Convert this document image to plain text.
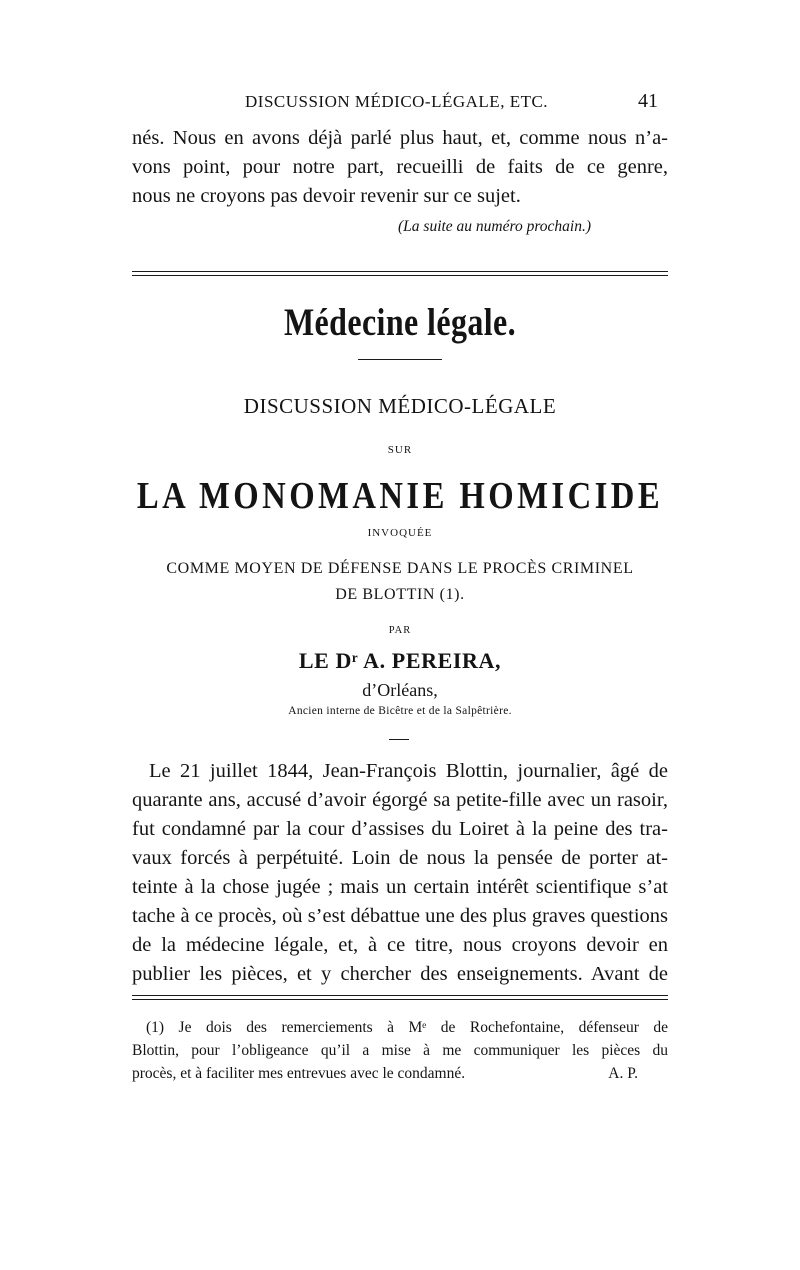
DISCUSSION MÉDICO-LÉGALE, ETC.	41
nés. Nous en avons déjà parlé plus haut, et, comme nous n’a-
vons point, pour notre part, recueilli de faits de ce genre,
nous ne croyons pas devoir revenir sur ce sujet.
(La suite au numéro prochain.)
Médecine légale.
DISCUSSION MÉDICO-LÉGALE
SUR
LA MONOMANIE HOMICIDE
INVOQUÉE
COMME MOYEN DE DÉFENSE DANS LE PROCÈS CRIMINEL
DE BLOTTIN (1).
PAR
LE Dʳ A. PEREIRA,
d’Orléans,
Ancien interne de Bicêtre et de la Salpêtrière.
Le 21 juillet 1844, Jean-François Blottin, journalier, âgé de
quarante ans, accusé d’avoir égorgé sa petite-fille avec un rasoir,
fut condamné par la cour d’assises du Loiret à la peine des tra-
vaux forcés à perpétuité. Loin de nous la pensée de porter at-
teinte à la chose jugée ; mais un certain intérêt scientifique s’at
tache à ce procès, où s’est débattue une des plus graves questions
de la médecine légale, et, à ce titre, nous croyons devoir en
publier les pièces, et y chercher des enseignements. Avant de
(1) Je dois des remerciements à Mᵉ de Rochefontaine, défenseur de
Blottin, pour l’obligeance qu’il a mise à me communiquer les pièces du
procès, et à faciliter mes entrevues avec le condamné.	A. P.
